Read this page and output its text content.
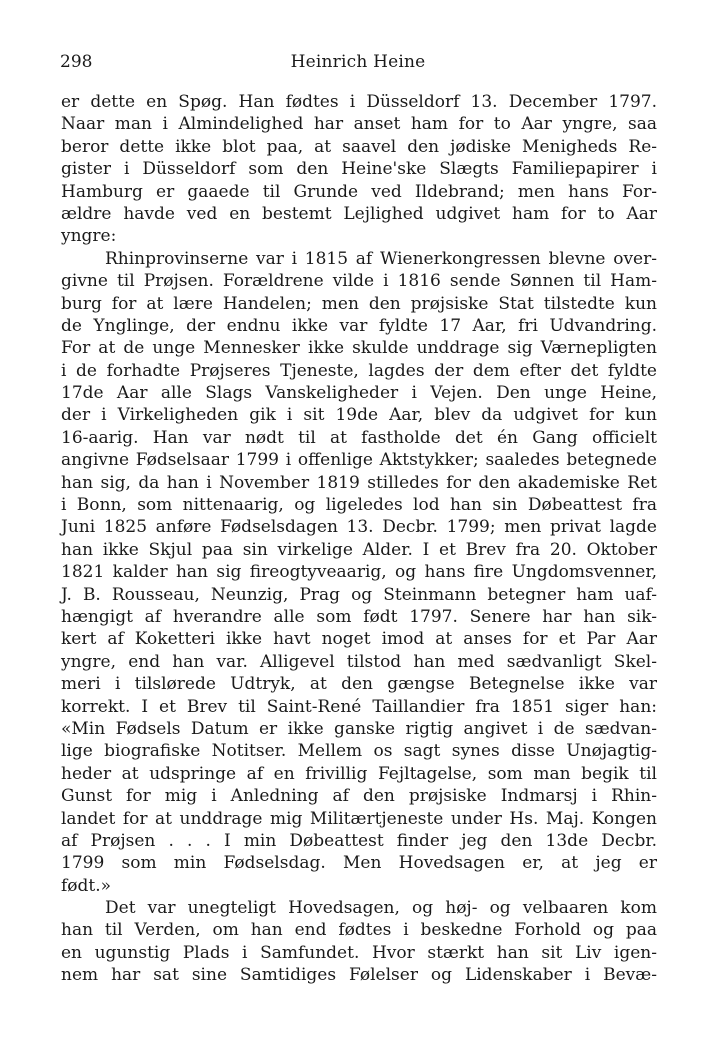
298	Heinrich Heine
er dette en Spøg. Han fødtes i Düsseldorf 13. December 1797.
Naar man i Almindelighed har anset ham for to Aar yngre, saa
beror dette ikke blot paa, at saavel den jødiske Menigheds Re-
gister i Düsseldorf som den Heine'ske Slægts Familiepapirer i
Hamburg er gaaede til Grunde ved Ildebrand; men hans For-
ældre havde ved en bestemt Lejlighed udgivet ham for to Aar
yngre:
Rhinprovinserne var i 1815 af Wienerkongressen blevne over-
givne til Prøjsen. Forældrene vilde i 1816 sende Sønnen til Ham-
burg for at lære Handelen; men den prøjsiske Stat tilstedte kun
de Ynglinge, der endnu ikke var fyldte 17 Aar, fri Udvandring.
For at de unge Mennesker ikke skulde unddrage sig Værnepligten
i de forhadte Prøjseres Tjeneste, lagdes der dem efter det fyldte
17de Aar alle Slags Vanskeligheder i Vejen. Den unge Heine,
der i Virkeligheden gik i sit 19de Aar, blev da udgivet for kun
16-aarig. Han var nødt til at fastholde det én Gang officielt
angivne Fødselsaar 1799 i offenlige Aktstykker; saaledes betegnede
han sig, da han i November 1819 stilledes for den akademiske Ret
i Bonn, som nittenaarig, og ligeledes lod han sin Døbeattest fra
Juni 1825 anføre Fødselsdagen 13. Decbr. 1799; men privat lagde
han ikke Skjul paa sin virkelige Alder. I et Brev fra 20. Oktober
1821 kalder han sig fireogtyveaarig, og hans fire Ungdomsvenner,
J. B. Rousseau, Neunzig, Prag og Steinmann betegner ham uaf-
hængigt af hverandre alle som født 1797. Senere har han sik-
kert af Koketteri ikke havt noget imod at anses for et Par Aar
yngre, end han var. Alligevel tilstod han med sædvanligt Skel-
meri i tilslørede Udtryk, at den gængse Betegnelse ikke var
korrekt. I et Brev til Saint-René Taillandier fra 1851 siger han:
«Min Fødsels Datum er ikke ganske rigtig angivet i de sædvan-
lige biografiske Notitser. Mellem os sagt synes disse Unøjagtig-
heder at udspringe af en frivillig Fejltagelse, som man begik til
Gunst for mig i Anledning af den prøjsiske Indmarsj i Rhin-
landet for at unddrage mig Militærtjeneste under Hs. Maj. Kongen
af Prøjsen . . . I min Døbeattest finder jeg den 13de Decbr.
1799 som min Fødselsdag. Men Hovedsagen er, at jeg er
født.»
Det var unegteligt Hovedsagen, og høj- og velbaaren kom
han til Verden, om han end fødtes i beskedne Forhold og paa
en ugunstig Plads i Samfundet. Hvor stærkt han sit Liv igen-
nem har sat sine Samtidiges Følelser og Lidenskaber i Bevæ-
